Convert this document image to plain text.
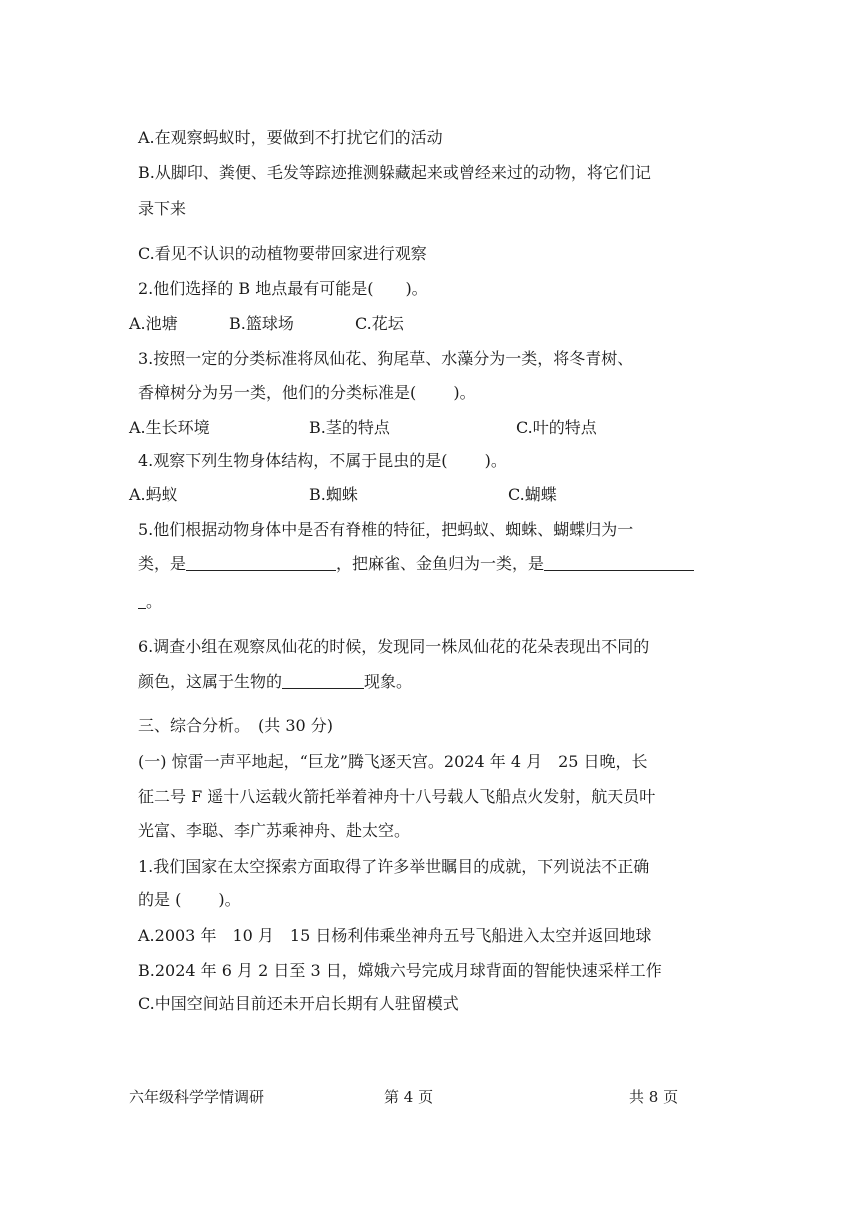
A.在观察蚂蚁时，要做到不打扰它们的活动
B.从脚印、粪便、毛发等踪迹推测躲藏起来或曾经来过的动物，将它们记
录下来
C.看见不认识的动植物要带回家进行观察
2.他们选择的 B 地点最有可能是(　　)。
A.池塘	B.篮球场	C.花坛
3.按照一定的分类标准将凤仙花、狗尾草、水藻分为一类，将冬青树、
香樟树分为另一类，他们的分类标准是(　　 )。
A.生长环境	B.茎的特点	C.叶的特点
4.观察下列生物身体结构，不属于昆虫的是(　　 )。
A.蚂蚁	B.蜘蛛	C.蝴蝶
5.他们根据动物身体中是否有脊椎的特征，把蚂蚁、蜘蛛、蝴蝶归为一
类，是	，把麻雀、金鱼归为一类，是
。
6.调查小组在观察凤仙花的时候，发现同一株凤仙花的花朵表现出不同的
颜色，这属于生物的	现象。
三、综合分析。　(共 30 分)
(一) 惊雷一声平地起，“巨龙”腾飞逐天宫。2024 年 4 月　25 日晚，长
征二号 F 遥十八运载火箭托举着神舟十八号载人飞船点火发射，航天员叶
光富、李聪、李广苏乘神舟、赴太空。
1.我们国家在太空探索方面取得了许多举世瞩目的成就，下列说法不正确
的是 (　　 )。
A.2003 年　10 月　15 日杨利伟乘坐神舟五号飞船进入太空并返回地球
B.2024 年 6 月 2 日至 3 日，嫦娥六号完成月球背面的智能快速采样工作
C.中国空间站目前还未开启长期有人驻留模式
六年级科学学情调研	第 4 页	共 8 页
